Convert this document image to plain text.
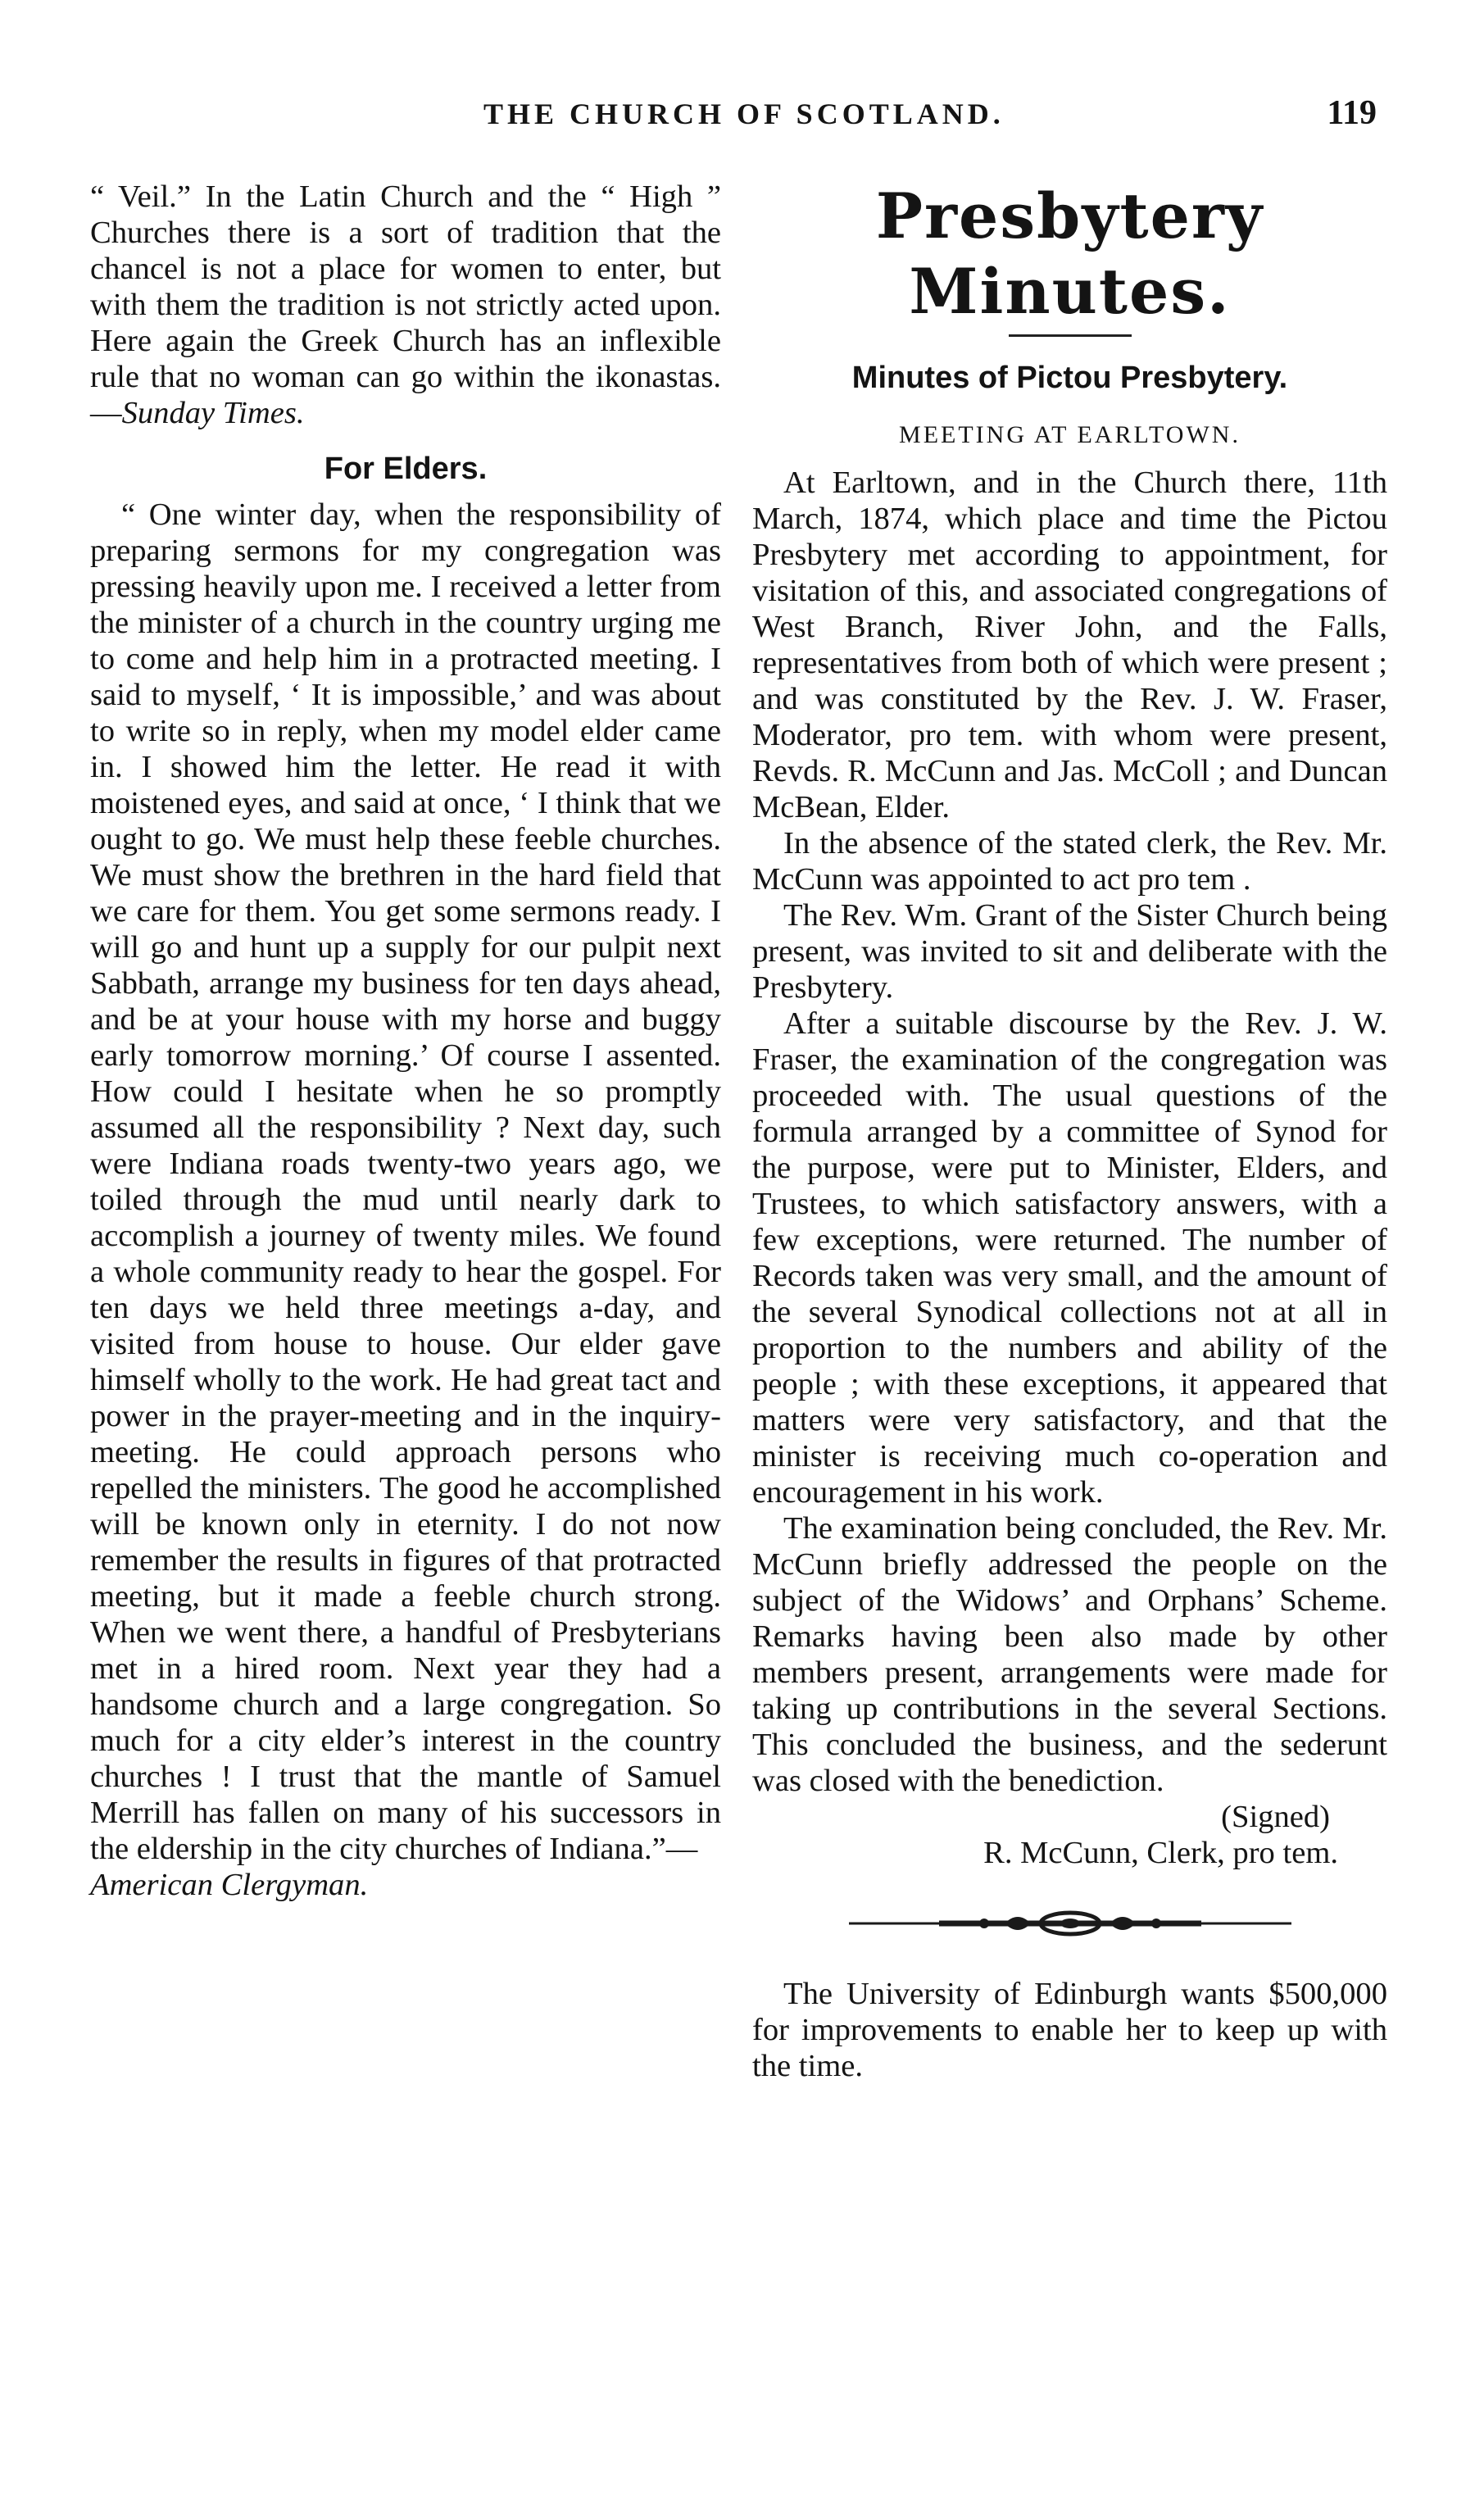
THE CHURCH OF SCOTLAND.	119

“ Veil.” In the Latin Church and the “ High ” Churches there is a sort of tradition that the chancel is not a place for women to enter, but with them the tradition is not strictly acted upon. Here again the Greek Church has an inflexible rule that no woman can go within the ikonastas.—Sunday Times.

For Elders.

“ One winter day, when the responsibility of preparing sermons for my congregation was pressing heavily upon me. I received a letter from the minister of a church in the country urging me to come and help him in a protracted meeting. I said to myself, ‘ It is impossible,’ and was about to write so in reply, when my model elder came in. I showed him the letter. He read it with moistened eyes, and said at once, ‘ I think that we ought to go. We must help these feeble churches. We must show the brethren in the hard field that we care for them. You get some sermons ready. I will go and hunt up a supply for our pulpit next Sabbath, arrange my business for ten days ahead, and be at your house with my horse and buggy early tomorrow morning.’ Of course I assented. How could I hesitate when he so promptly assumed all the responsibility ? Next day, such were Indiana roads twenty-two years ago, we toiled through the mud until nearly dark to accomplish a journey of twenty miles. We found a whole community ready to hear the gospel. For ten days we held three meetings a-day, and visited from house to house. Our elder gave himself wholly to the work. He had great tact and power in the prayer-meeting and in the inquiry-meeting. He could approach persons who repelled the ministers. The good he accomplished will be known only in eternity. I do not now remember the results in figures of that protracted meeting, but it made a feeble church strong. When we went there, a handful of Presbyterians met in a hired room. Next year they had a handsome church and a large congregation. So much for a city elder’s interest in the country churches ! I trust that the mantle of Samuel Merrill has fallen on many of his successors in the eldership in the city churches of Indiana.”—
American Clergyman.

Presbytery Minutes.
Minutes of Pictou Presbytery.
MEETING AT EARLTOWN.

At Earltown, and in the Church there, 11th March, 1874, which place and time the Pictou Presbytery met according to appointment, for visitation of this, and associated congregations of West Branch, River John, and the Falls, representatives from both of which were present ; and was constituted by the Rev. J. W. Fraser, Moderator, pro tem. with whom were present, Revds. R. McCunn and Jas. McColl ; and Duncan McBean, Elder.

In the absence of the stated clerk, the Rev. Mr. McCunn was appointed to act pro tem .

The Rev. Wm. Grant of the Sister Church being present, was invited to sit and deliberate with the Presbytery.

After a suitable discourse by the Rev. J. W. Fraser, the examination of the congregation was proceeded with. The usual questions of the formula arranged by a committee of Synod for the purpose, were put to Minister, Elders, and Trustees, to which satisfactory answers, with a few exceptions, were returned. The number of Records taken was very small, and the amount of the several Synodical collections not at all in proportion to the numbers and ability of the people ; with these exceptions, it appeared that matters were very satisfactory, and that the minister is receiving much co-operation and encouragement in his work.

The examination being concluded, the Rev. Mr. McCunn briefly addressed the people on the subject of the Widows’ and Orphans’ Scheme. Remarks having been also made by other members present, arrangements were made for taking up contributions in the several Sections. This concluded the business, and the sederunt was closed with the benediction.

(Signed)

R. McCunn, Clerk, pro tem.

The University of Edinburgh wants $500,000 for improvements to enable her to keep up with the time.
